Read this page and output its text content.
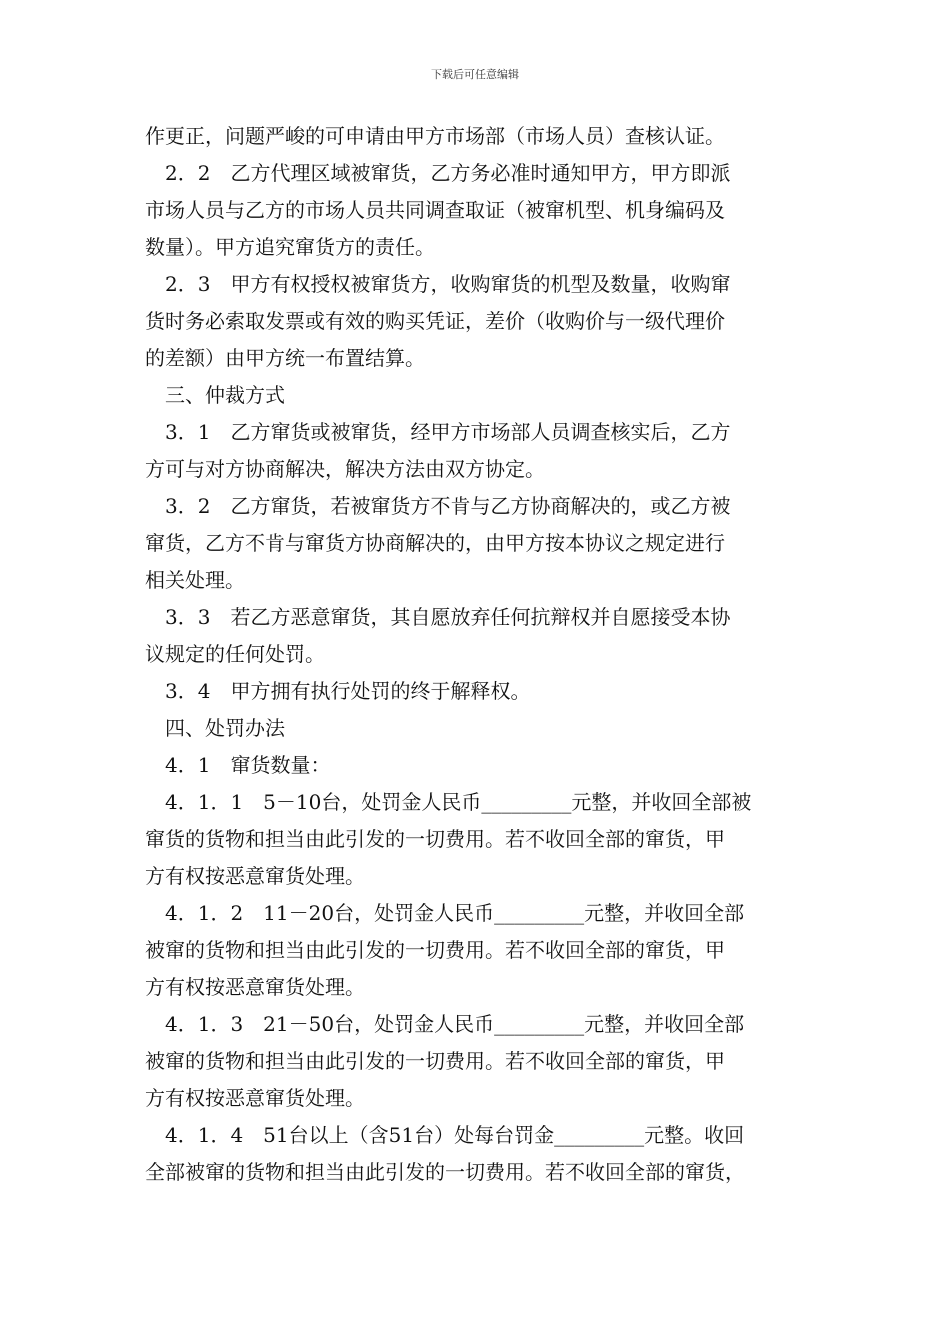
下载后可任意编辑
作更正，问题严峻的可申请由甲方市场部（市场人员）查核认证。
2．2　乙方代理区域被窜货，乙方务必准时通知甲方，甲方即派
市场人员与乙方的市场人员共同调查取证（被窜机型、机身编码及
数量）。甲方追究窜货方的责任。
2．3　甲方有权授权被窜货方，收购窜货的机型及数量，收购窜
货时务必索取发票或有效的购买凭证，差价（收购价与一级代理价
的差额）由甲方统一布置结算。
三、仲裁方式
3．1　乙方窜货或被窜货，经甲方市场部人员调查核实后，乙方
方可与对方协商解决，解决方法由双方协定。
3．2　乙方窜货，若被窜货方不肯与乙方协商解决的，或乙方被
窜货，乙方不肯与窜货方协商解决的，由甲方按本协议之规定进行
相关处理。
3．3　若乙方恶意窜货，其自愿放弃任何抗辩权并自愿接受本协
议规定的任何处罚。
3．4　甲方拥有执行处罚的终于解释权。
四、处罚办法
4．1　窜货数量：
4．1．1　5－10台，处罚金人民币_________元整，并收回全部被
窜货的货物和担当由此引发的一切费用。若不收回全部的窜货，甲
方有权按恶意窜货处理。
4．1．2　11－20台，处罚金人民币_________元整，并收回全部
被窜的货物和担当由此引发的一切费用。若不收回全部的窜货，甲
方有权按恶意窜货处理。
4．1．3　21－50台，处罚金人民币_________元整，并收回全部
被窜的货物和担当由此引发的一切费用。若不收回全部的窜货，甲
方有权按恶意窜货处理。
4．1．4　51台以上（含51台）处每台罚金_________元整。收回
全部被窜的货物和担当由此引发的一切费用。若不收回全部的窜货，
